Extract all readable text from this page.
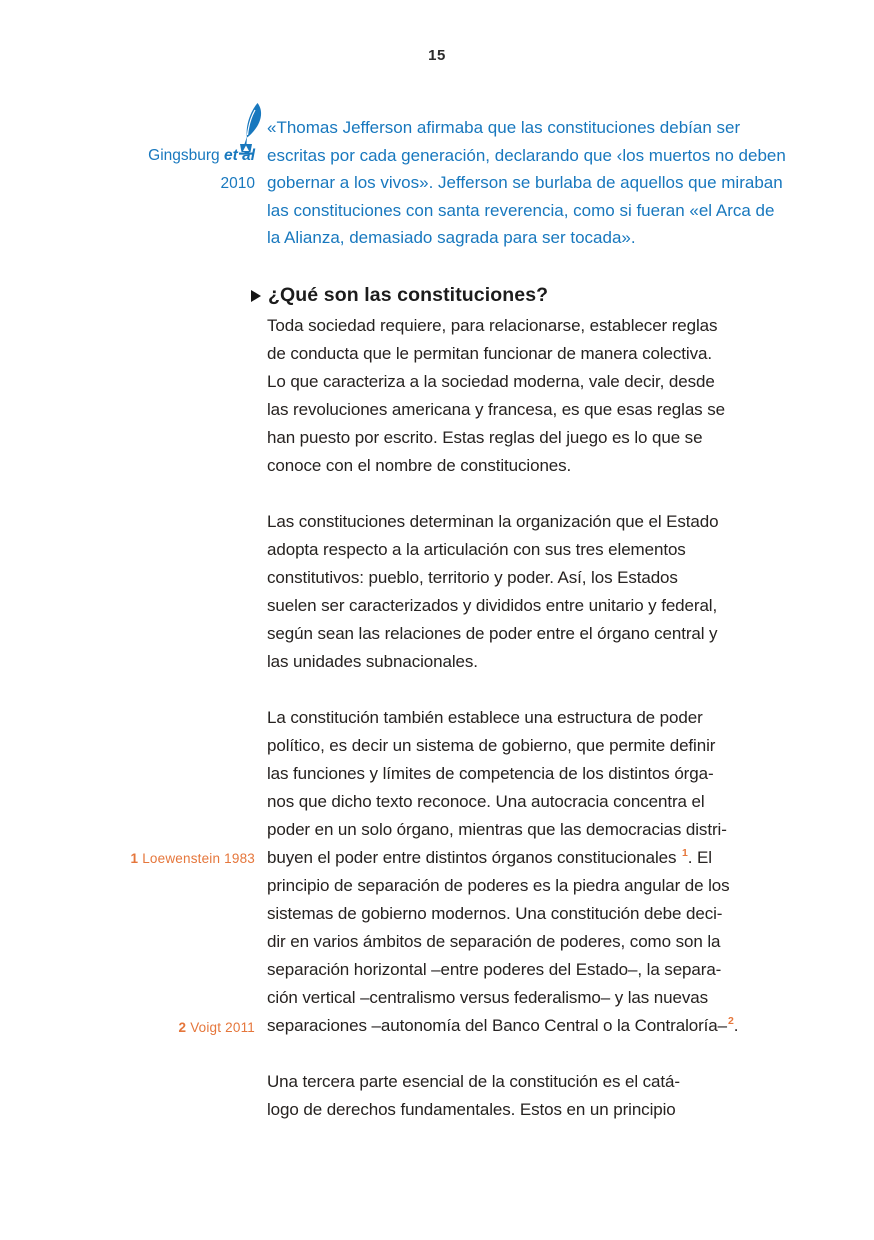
15
«Thomas Jefferson afirmaba que las constituciones debían ser
escritas por cada generación, declarando que ‹los muertos no deben
gobernar a los vivos». Jefferson se burlaba de aquellos que miraban
las constituciones con santa reverencia, como si fueran «el Arca de
la Alianza, demasiado sagrada para ser tocada».
Gingsburg et al
2010
¿Qué son las constituciones?
Toda sociedad requiere, para relacionarse, establecer reglas
de conducta que le permitan funcionar de manera colectiva.
Lo que caracteriza a la sociedad moderna, vale decir, desde
las revoluciones americana y francesa, es que esas reglas se
han puesto por escrito. Estas reglas del juego es lo que se
conoce con el nombre de constituciones.
Las constituciones determinan la organización que el Estado
adopta respecto a la articulación con sus tres elementos
constitutivos: pueblo, territorio y poder. Así, los Estados
suelen ser caracterizados y divididos entre unitario y federal,
según sean las relaciones de poder entre el órgano central y
las unidades subnacionales.
La constitución también establece una estructura de poder
político, es decir un sistema de gobierno, que permite definir
las funciones y límites de competencia de los distintos órga-
nos que dicho texto reconoce. Una autocracia concentra el
poder en un solo órgano, mientras que las democracias distri-
buyen el poder entre distintos órganos constitucionales $^1$. El
principio de separación de poderes es la piedra angular de los
sistemas de gobierno modernos. Una constitución debe deci-
dir en varios ámbitos de separación de poderes, como son la
separación horizontal –entre poderes del Estado–, la separa-
ción vertical –centralismo versus federalismo– y las nuevas
separaciones –autonomía del Banco Central o la Contraloría–$^2$.
Una tercera parte esencial de la constitución es el catá-
logo de derechos fundamentales. Estos en un principio
1 Loewenstein 1983
2 Voigt 2011
